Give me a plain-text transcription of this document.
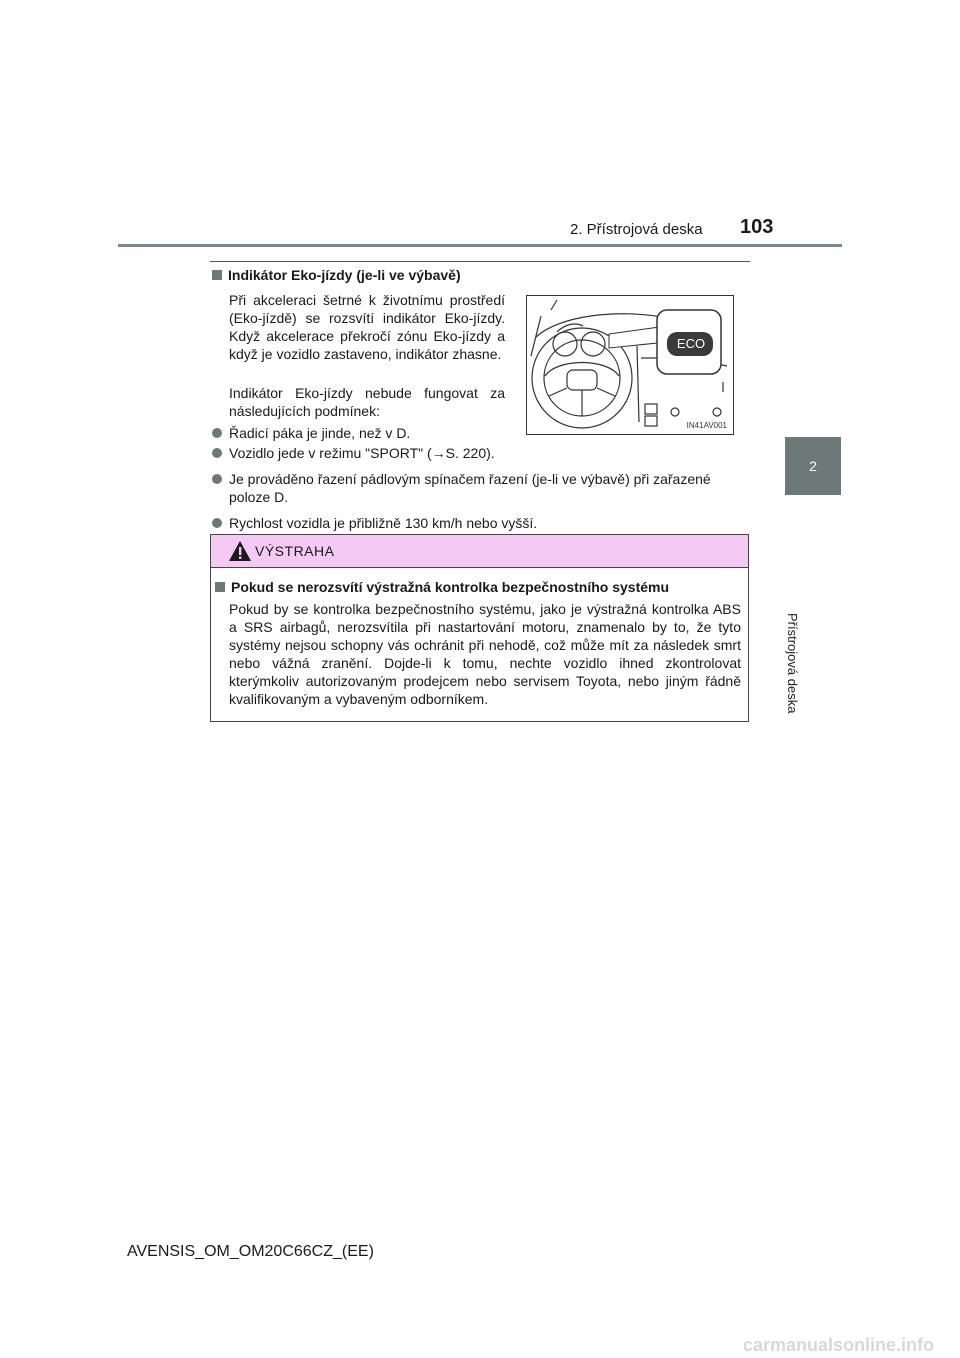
2. Přístrojová deska 103
2
Přístrojová deska
Indikátor Eko-jízdy (je-li ve výbavě)
Při akceleraci šetrné k životnímu prostředí (Eko-jízdě) se rozsvítí indikátor Eko-jízdy. Když akcelerace překročí zónu Eko-jízdy a když je vozidlo zastaveno, indikátor zhasne.
Indikátor Eko-jízdy nebude fungovat za následujících podmínek:
Řadicí páka je jinde, než v D.
Vozidlo jede v režimu "SPORT" (→S. 220).
Je prováděno řazení pádlovým spínačem řazení (je-li ve výbavě) při zařazené poloze D.
Rychlost vozidla je přibližně 130 km/h nebo vyšší.
ECO
IN41AV001
VÝSTRAHA
Pokud se nerozsvítí výstražná kontrolka bezpečnostního systému
Pokud by se kontrolka bezpečnostního systému, jako je výstražná kontrolka ABS a SRS airbagů, nerozsvítila při nastartování motoru, znamenalo by to, že tyto systémy nejsou schopny vás ochránit při nehodě, což může mít za následek smrt nebo vážná zranění. Dojde-li k tomu, nechte vozidlo ihned zkontrolovat kterýmkoliv autorizovaným prodejcem nebo servisem Toyota, nebo jiným řádně kvalifikovaným a vybaveným odborníkem.
AVENSIS_OM_OM20C66CZ_(EE)
carmanualsonline.info
